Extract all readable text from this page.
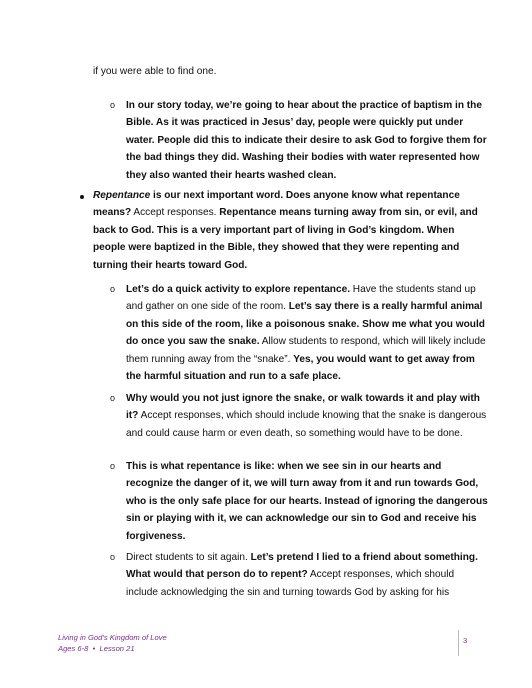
if you were able to find one.

o In our story today, we’re going to hear about the practice of baptism in the
Bible. As it was practiced in Jesus’ day, people were quickly put under
water. People did this to indicate their desire to ask God to forgive them for
the bad things they did. Washing their bodies with water represented how
they also wanted their hearts washed clean.

Repentance is our next important word. Does anyone know what repentance
means? Accept responses. Repentance means turning away from sin, or evil, and
back to God. This is a very important part of living in God’s kingdom. When
people were baptized in the Bible, they showed that they were repenting and
turning their hearts toward God.

o Let’s do a quick activity to explore repentance. Have the students stand up
and gather on one side of the room. Let’s say there is a really harmful animal
on this side of the room, like a poisonous snake. Show me what you would
do once you saw the snake. Allow students to respond, which will likely include
them running away from the “snake”. Yes, you would want to get away from
the harmful situation and run to a safe place.

o Why would you not just ignore the snake, or walk towards it and play with
it? Accept responses, which should include knowing that the snake is dangerous
and could cause harm or even death, so something would have to be done.

o This is what repentance is like: when we see sin in our hearts and
recognize the danger of it, we will turn away from it and run towards God,
who is the only safe place for our hearts. Instead of ignoring the dangerous
sin or playing with it, we can acknowledge our sin to God and receive his
forgiveness.

o Direct students to sit again. Let’s pretend I lied to a friend about something.
What would that person do to repent? Accept responses, which should
include acknowledging the sin and turning towards God by asking for his

Living in God’s Kingdom of Love
Ages 6-8 • Lesson 21
3
